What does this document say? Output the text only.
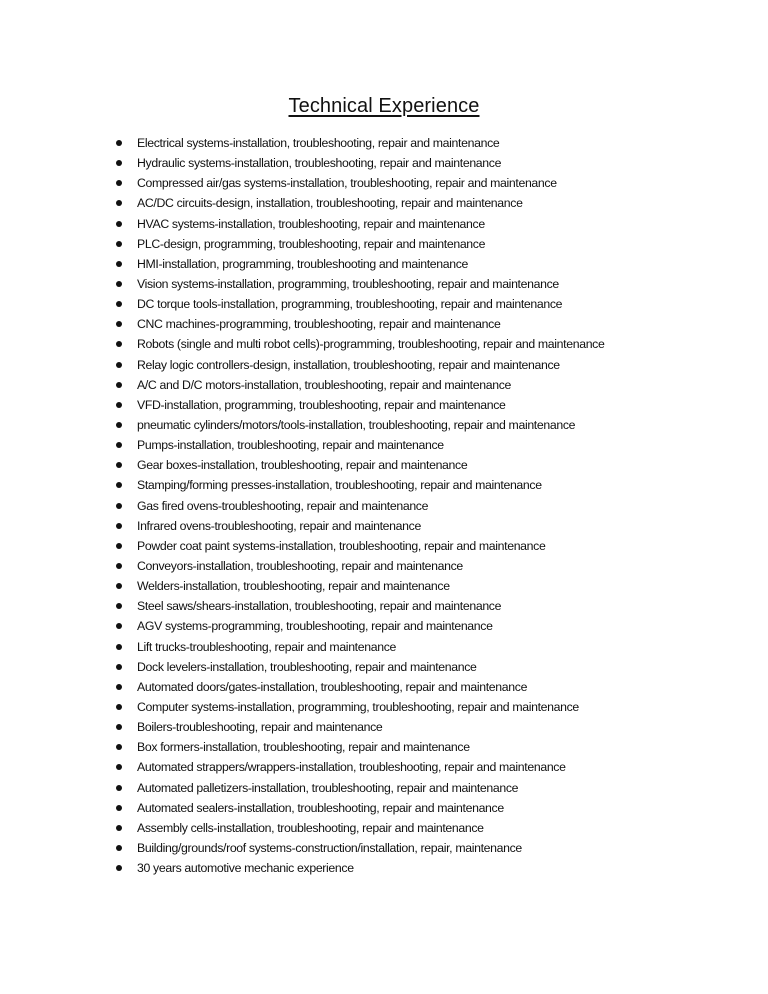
Technical Experience
Electrical systems-installation, troubleshooting, repair and maintenance
Hydraulic systems-installation, troubleshooting, repair and maintenance
Compressed air/gas systems-installation, troubleshooting, repair and maintenance
AC/DC circuits-design, installation, troubleshooting, repair and maintenance
HVAC systems-installation, troubleshooting, repair and maintenance
PLC-design, programming, troubleshooting, repair and maintenance
HMI-installation, programming, troubleshooting and maintenance
Vision systems-installation, programming, troubleshooting, repair and maintenance
DC torque tools-installation, programming, troubleshooting, repair and maintenance
CNC machines-programming, troubleshooting, repair and maintenance
Robots (single and multi robot cells)-programming, troubleshooting, repair and maintenance
Relay logic controllers-design, installation, troubleshooting, repair and maintenance
A/C and D/C motors-installation, troubleshooting, repair and maintenance
VFD-installation, programming, troubleshooting, repair and maintenance
pneumatic cylinders/motors/tools-installation, troubleshooting, repair and maintenance
Pumps-installation, troubleshooting, repair and maintenance
Gear boxes-installation, troubleshooting, repair and maintenance
Stamping/forming presses-installation, troubleshooting, repair and maintenance
Gas fired ovens-troubleshooting, repair and maintenance
Infrared ovens-troubleshooting, repair and maintenance
Powder coat paint systems-installation, troubleshooting, repair and maintenance
Conveyors-installation, troubleshooting, repair and maintenance
Welders-installation, troubleshooting, repair and maintenance
Steel saws/shears-installation, troubleshooting, repair and maintenance
AGV systems-programming, troubleshooting, repair and maintenance
Lift trucks-troubleshooting, repair and maintenance
Dock levelers-installation, troubleshooting, repair and maintenance
Automated doors/gates-installation, troubleshooting, repair and maintenance
Computer systems-installation, programming, troubleshooting, repair and maintenance
Boilers-troubleshooting, repair and maintenance
Box formers-installation, troubleshooting, repair and maintenance
Automated strappers/wrappers-installation, troubleshooting, repair and maintenance
Automated palletizers-installation, troubleshooting, repair and maintenance
Automated sealers-installation, troubleshooting, repair and maintenance
Assembly cells-installation, troubleshooting, repair and maintenance
Building/grounds/roof systems-construction/installation, repair, maintenance
30 years automotive mechanic experience
